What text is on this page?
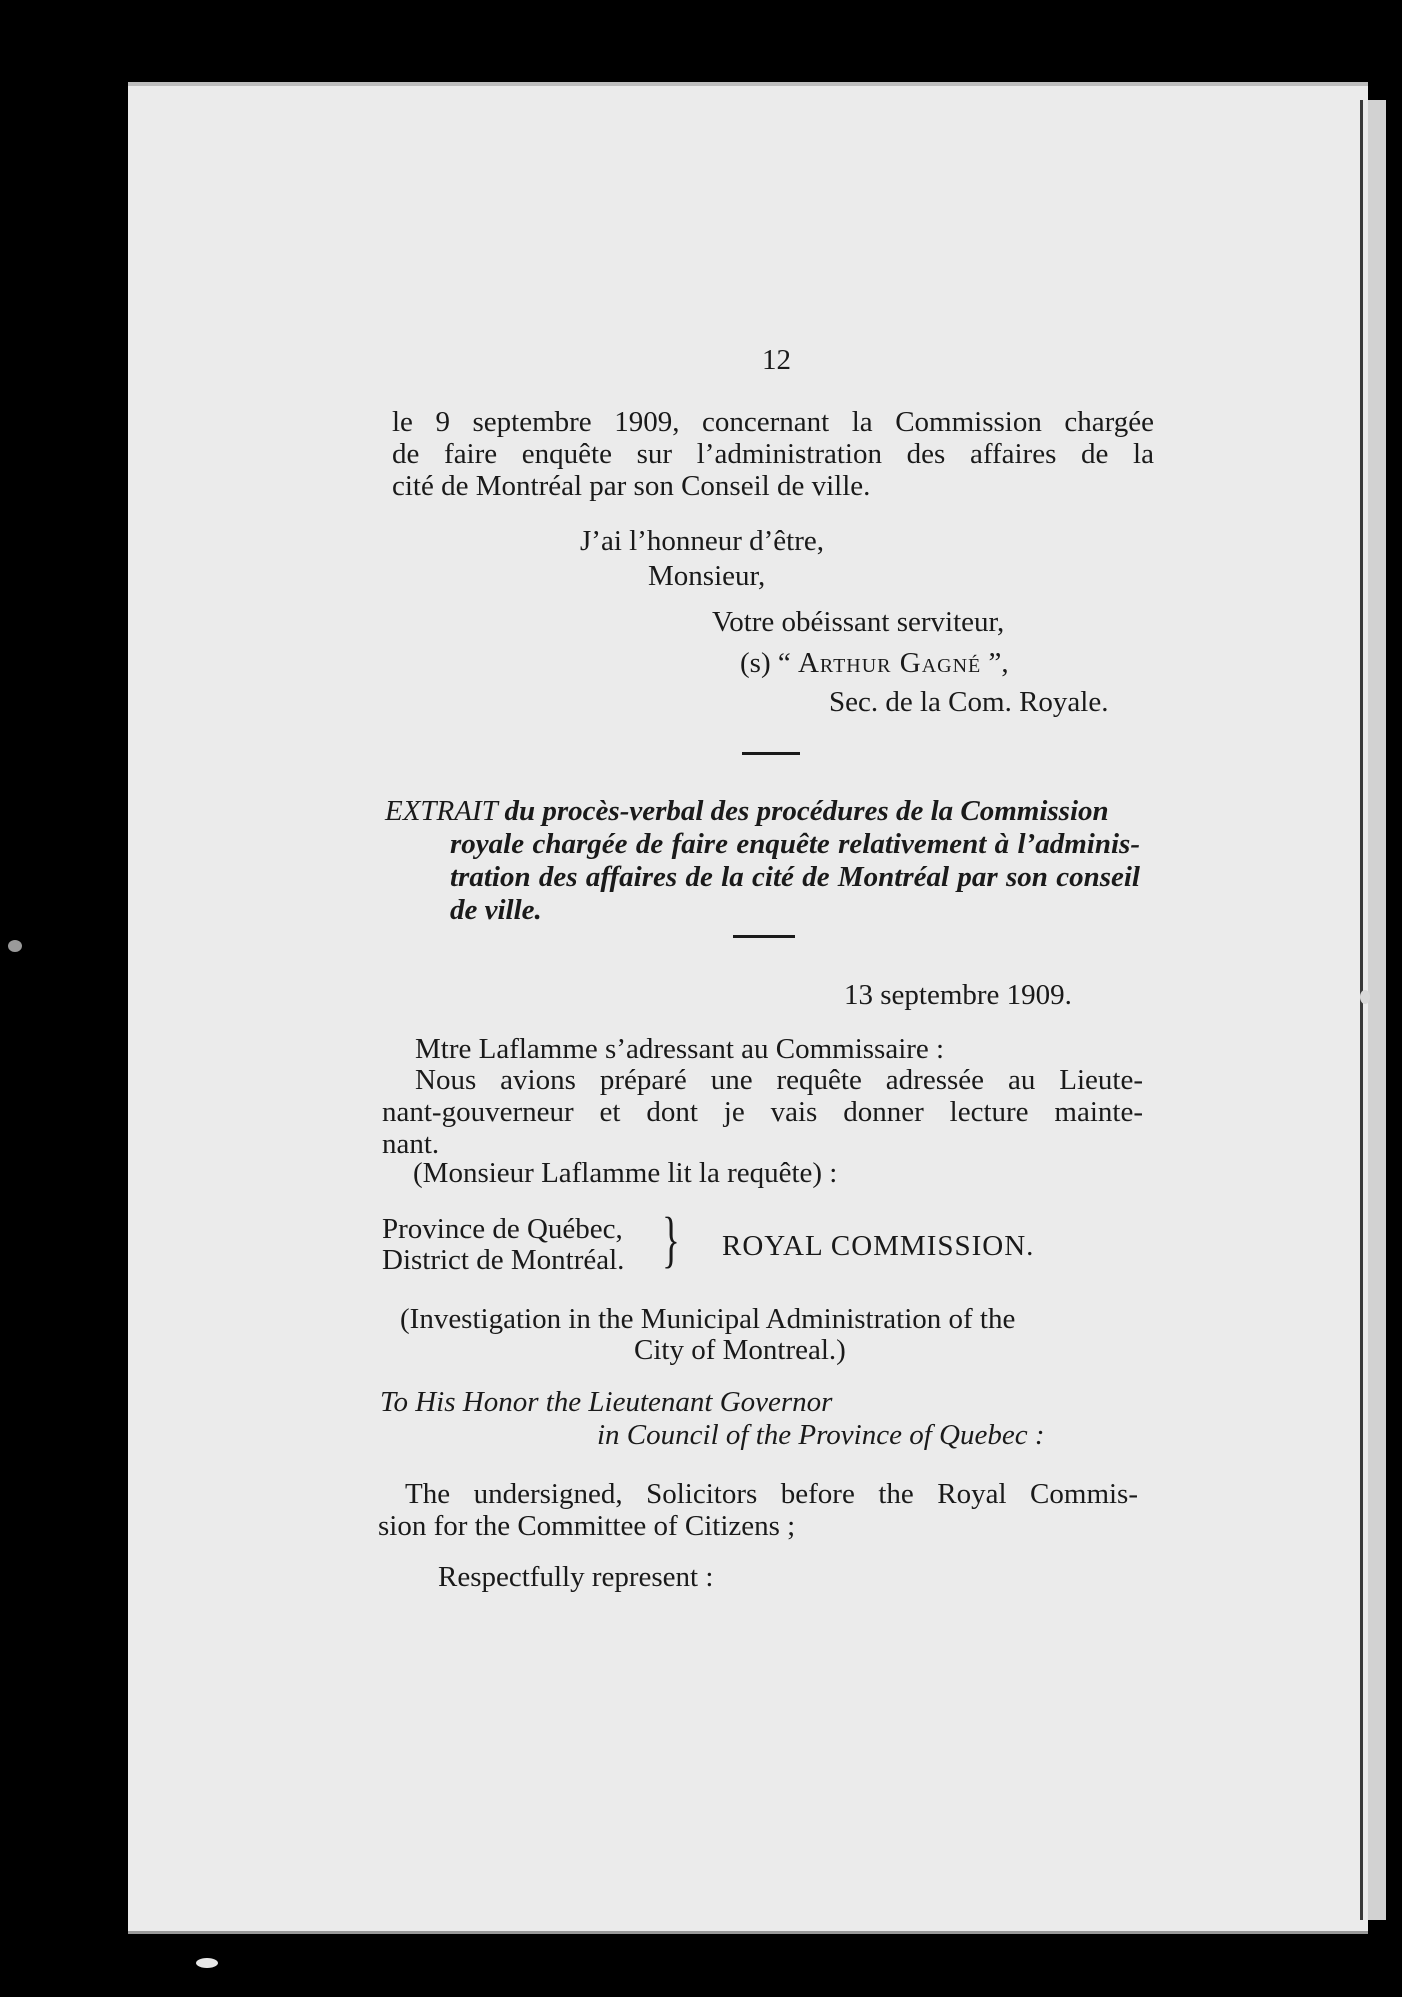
12
le 9 septembre 1909, concernant la Commission chargée
de faire enquête sur l’administration des affaires de la
cité de Montréal par son Conseil de ville.
J’ai l’honneur d’être,
Monsieur,
Votre obéissant serviteur,
(s) “ Arthur Gagné ”,
Sec. de la Com. Royale.
EXTRAIT du procès-verbal des procédures de la Commission
royale chargée de faire enquête relativement à l’adminis-
tration des affaires de la cité de Montréal par son conseil
de ville.
13 septembre 1909.
Mtre Laflamme s’adressant au Commissaire :
Nous avions préparé une requête adressée au Lieute-
nant-gouverneur et dont je vais donner lecture mainte-
nant.
(Monsieur Laflamme lit la requête) :
Province de Québec,
District de Montréal. } ROYAL COMMISSION.
(Investigation in the Municipal Administration of the
City of Montreal.)
To His Honor the Lieutenant Governor
in Council of the Province of Quebec :
The undersigned, Solicitors before the Royal Commis-
sion for the Committee of Citizens ;
Respectfully represent :
